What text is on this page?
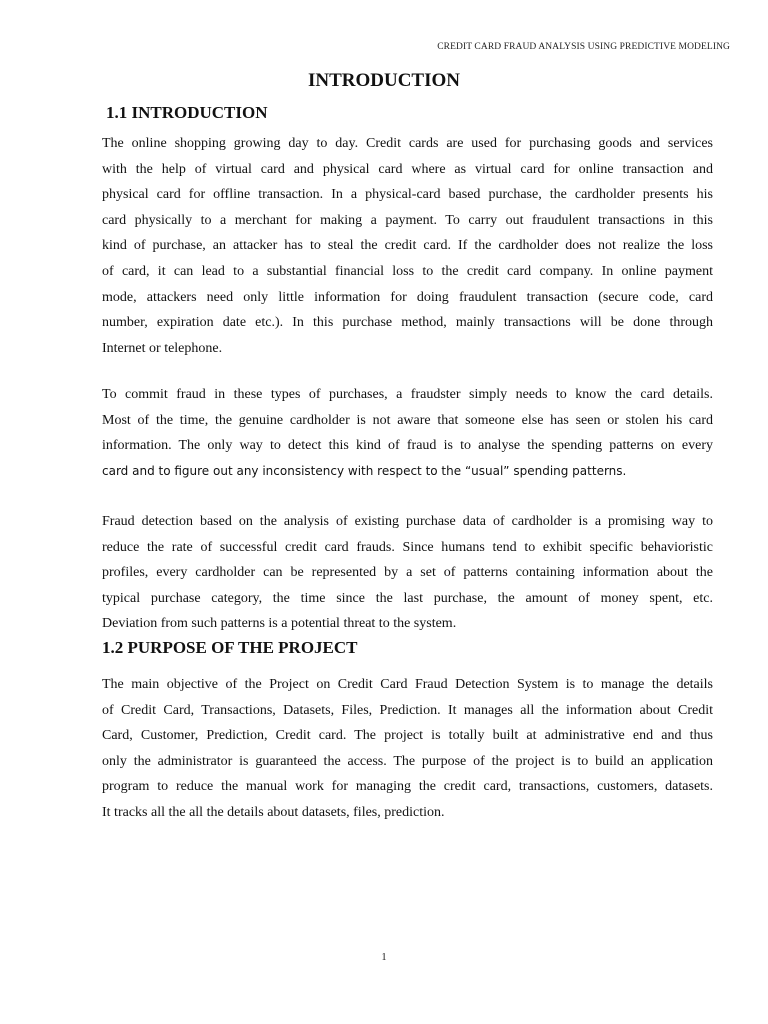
CREDIT CARD FRAUD ANALYSIS USING PREDICTIVE MODELING
INTRODUCTION
1.1 INTRODUCTION

The online shopping growing day to day. Credit cards are used for purchasing goods and services
with the help of virtual card and physical card where as virtual card for online transaction and
physical card for offline transaction. In a physical-card based purchase, the cardholder presents his
card physically to a merchant for making a payment. To carry out fraudulent transactions in this
kind of purchase, an attacker has to steal the credit card. If the cardholder does not realize the loss
of card, it can lead to a substantial financial loss to the credit card company. In online payment
mode, attackers need only little information for doing fraudulent transaction (secure code, card
number, expiration date etc.). In this purchase method, mainly transactions will be done through
Internet or telephone.

To commit fraud in these types of purchases, a fraudster simply needs to know the card details.
Most of the time, the genuine cardholder is not aware that someone else has seen or stolen his card
information. The only way to detect this kind of fraud is to analyse the spending patterns on every
card and to figure out any inconsistency with respect to the “usual” spending patterns.

Fraud detection based on the analysis of existing purchase data of cardholder is a promising way to
reduce the rate of successful credit card frauds. Since humans tend to exhibit specific behavioristic
profiles, every cardholder can be represented by a set of patterns containing information about the
typical purchase category, the time since the last purchase, the amount of money spent, etc.
Deviation from such patterns is a potential threat to the system.

1.2 PURPOSE OF THE PROJECT

The main objective of the Project on Credit Card Fraud Detection System is to manage the details
of Credit Card, Transactions, Datasets, Files, Prediction. It manages all the information about Credit
Card, Customer, Prediction, Credit card. The project is totally built at administrative end and thus
only the administrator is guaranteed the access. The purpose of the project is to build an application
program to reduce the manual work for managing the credit card, transactions, customers, datasets.
It tracks all the all the details about datasets, files, prediction.

1
